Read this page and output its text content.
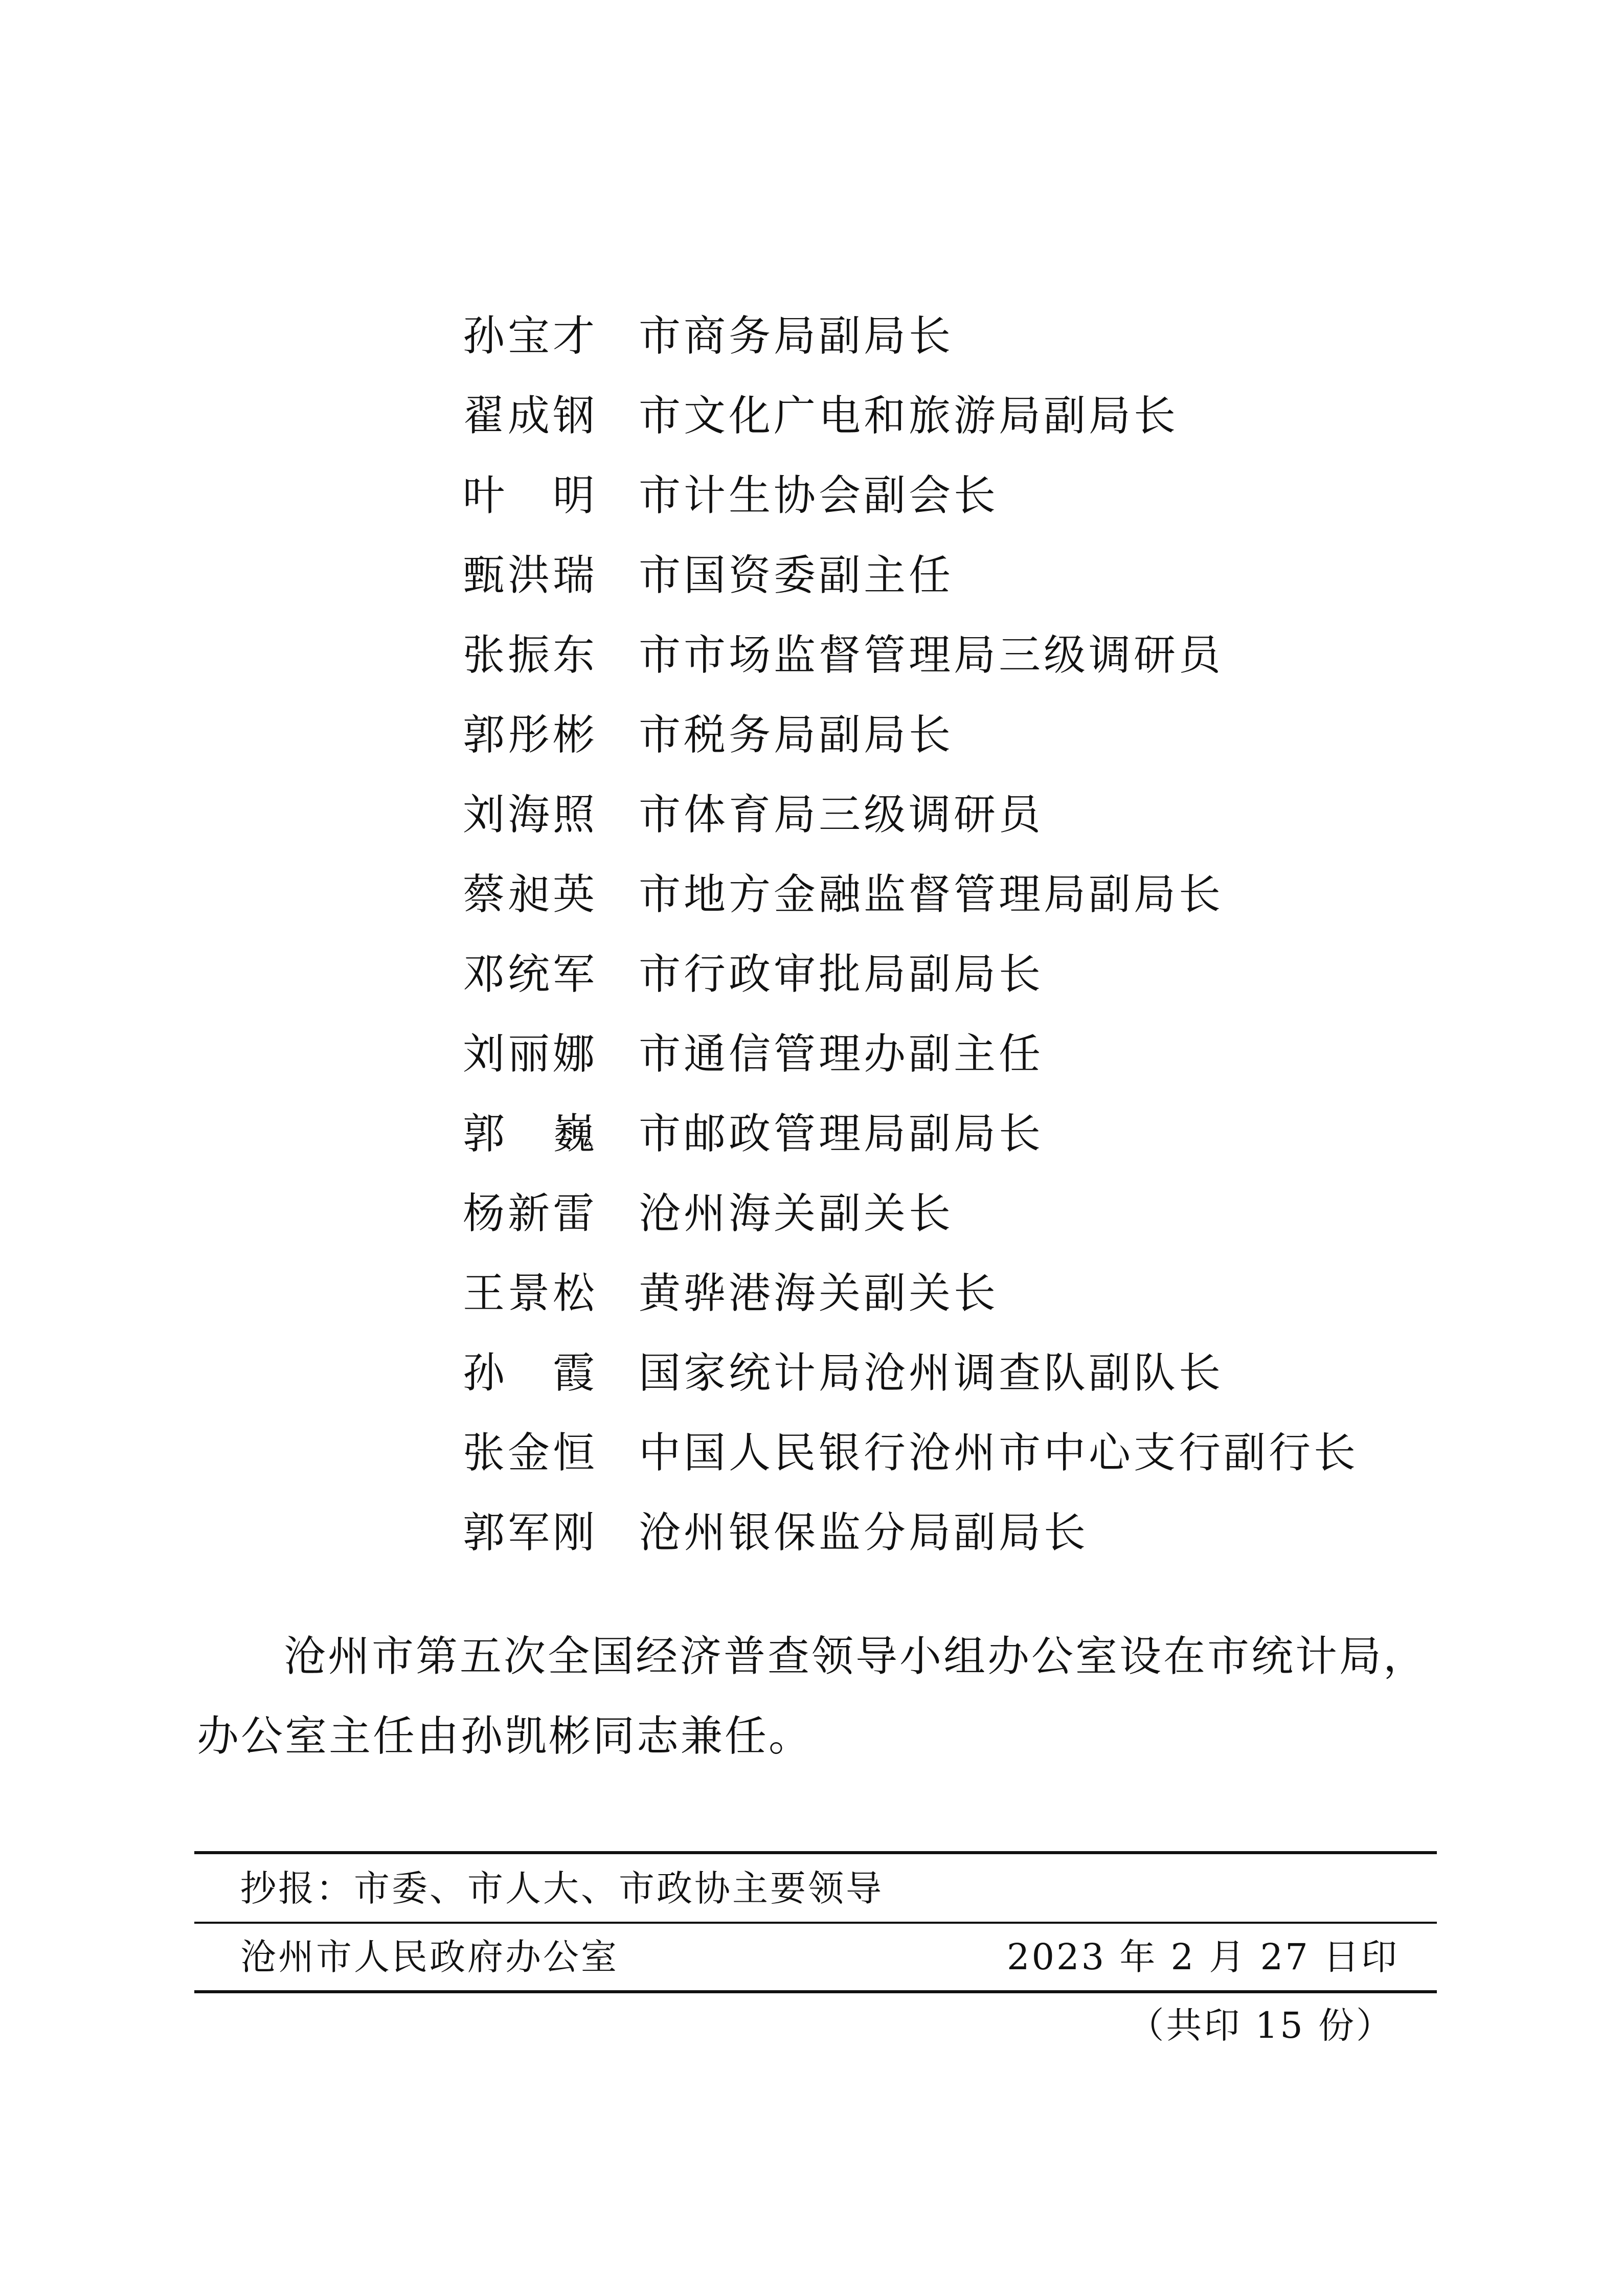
孙宝才 市商务局副局长
翟成钢 市文化广电和旅游局副局长
叶　明 市计生协会副会长
甄洪瑞 市国资委副主任
张振东 市市场监督管理局三级调研员
郭彤彬 市税务局副局长
刘海照 市体育局三级调研员
蔡昶英 市地方金融监督管理局副局长
邓统军 市行政审批局副局长
刘丽娜 市通信管理办副主任
郭　巍 市邮政管理局副局长
杨新雷 沧州海关副关长
王景松 黄骅港海关副关长
孙　霞 国家统计局沧州调查队副队长
张金恒 中国人民银行沧州市中心支行副行长
郭军刚 沧州银保监分局副局长

沧州市第五次全国经济普查领导小组办公室设在市统计局，办公室主任由孙凯彬同志兼任。

抄报：市委、市人大、市政协主要领导
沧州市人民政府办公室	2023 年 2 月 27 日印
（共印 15 份）
